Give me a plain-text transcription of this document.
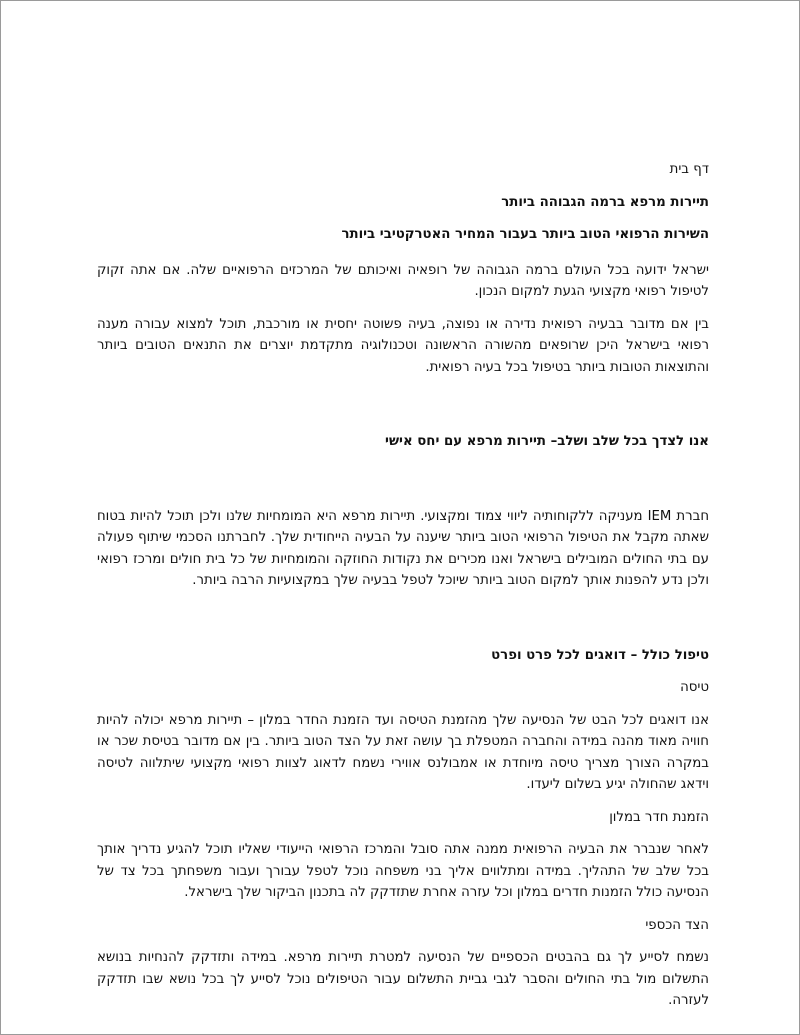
דף בית

תיירות מרפא ברמה הגבוהה ביותר

השירות הרפואי הטוב ביותר בעבור המחיר האטרקטיבי ביותר

ישראל ידועה בכל העולם ברמה הגבוהה של רופאיה ואיכותם של המרכזים הרפואיים שלה. אם אתה זקוק לטיפול רפואי מקצועי הגעת למקום הנכון.

בין אם מדובר בבעיה רפואית נדירה או נפוצה, בעיה פשוטה יחסית או מורכבת, תוכל למצוא עבורה מענה רפואי בישראל היכן שרופאים מהשורה הראשונה וטכנולוגיה מתקדמת יוצרים את התנאים הטובים ביותר והתוצאות הטובות ביותר בטיפול בכל בעיה רפואית.

אנו לצדך בכל שלב ושלב– תיירות מרפא עם יחס אישי

חברת IEM מעניקה ללקוחותיה ליווי צמוד ומקצועי. תיירות מרפא היא המומחיות שלנו ולכן תוכל להיות בטוח שאתה מקבל את הטיפול הרפואי הטוב ביותר שיענה על הבעיה הייחודית שלך. לחברתנו הסכמי שיתוף פעולה עם בתי החולים המובילים בישראל ואנו מכירים את נקודות החוזקה והמומחיות של כל בית חולים ומרכז רפואי ולכן נדע להפנות אותך למקום הטוב ביותר שיוכל לטפל בבעיה שלך במקצועיות הרבה ביותר.

טיפול כולל – דואגים לכל פרט ופרט

טיסה

אנו דואגים לכל הבט של הנסיעה שלך מהזמנת הטיסה ועד הזמנת החדר במלון – תיירות מרפא יכולה להיות חוויה מאוד מהנה במידה והחברה המטפלת בך עושה זאת על הצד הטוב ביותר. בין אם מדובר בטיסת שכר או במקרה הצורך מצריך טיסה מיוחדת או אמבולנס אווירי נשמח לדאוג לצוות רפואי מקצועי שיתלווה לטיסה וידאג שהחולה יגיע בשלום ליעדו.

הזמנת חדר במלון

לאחר שנברר את הבעיה הרפואית ממנה אתה סובל והמרכז הרפואי הייעודי שאליו תוכל להגיע נדריך אותך בכל שלב של התהליך. במידה ומתלווים אליך בני משפחה נוכל לטפל עבורך ועבור משפחתך בכל צד של הנסיעה כולל הזמנות חדרים במלון וכל עזרה אחרת שתזדקק לה בתכנון הביקור שלך בישראל.

הצד הכספי

נשמח לסייע לך גם בהבטים הכספיים של הנסיעה למטרת תיירות מרפא. במידה ותזדקק להנחיות בנושא התשלום מול בתי החולים והסבר לגבי גביית התשלום עבור הטיפולים נוכל לסייע לך בכל נושא שבו תזדקק לעזרה.
